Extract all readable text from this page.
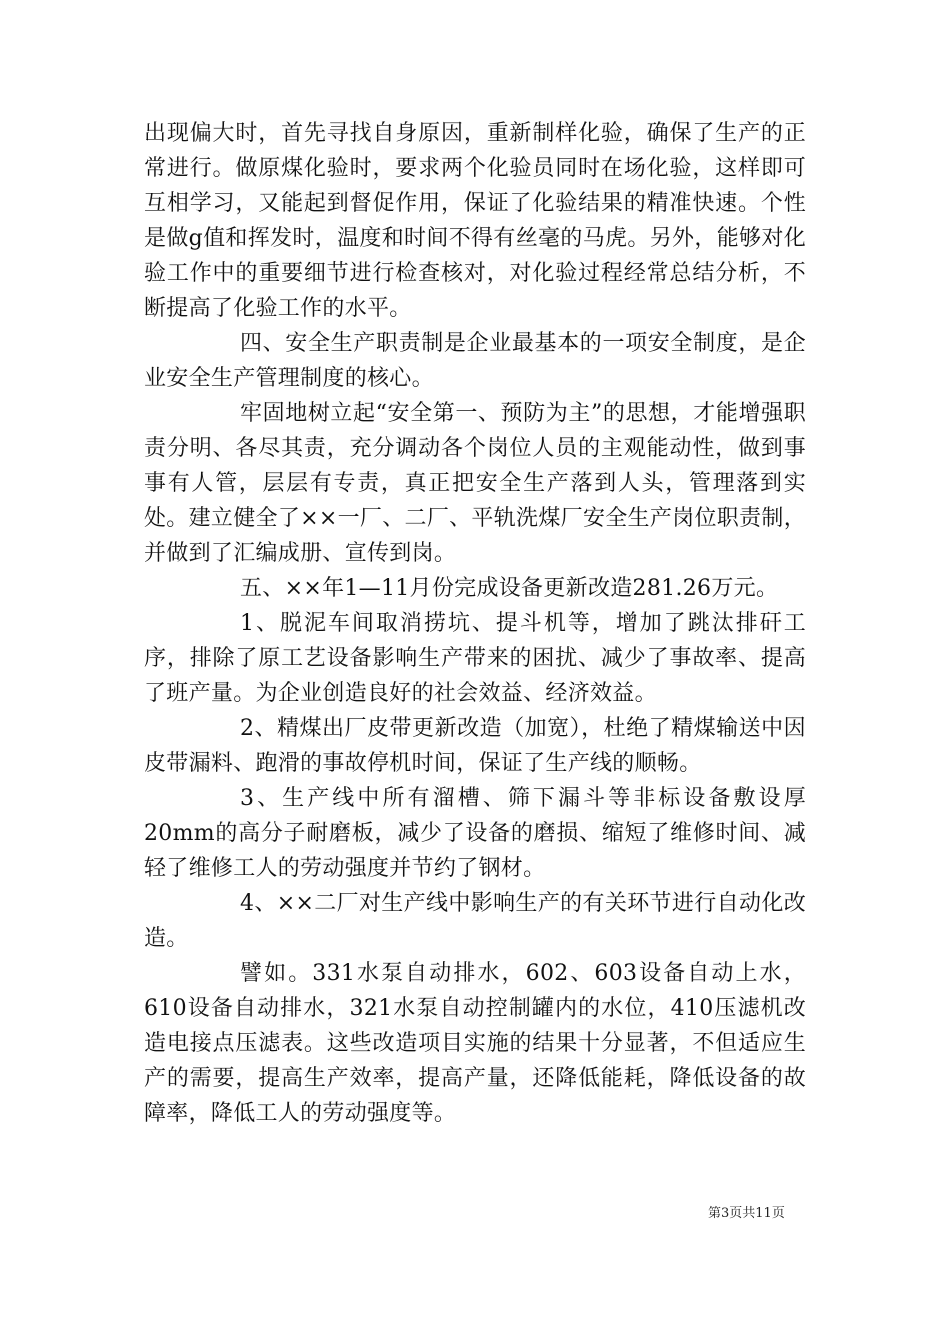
出现偏大时，首先寻找自身原因，重新制样化验，确保了生产的正常进行。做原煤化验时，要求两个化验员同时在场化验，这样即可互相学习，又能起到督促作用，保证了化验结果的精准快速。个性是做g值和挥发时，温度和时间不得有丝毫的马虎。另外，能够对化验工作中的重要细节进行检查核对，对化验过程经常总结分析，不断提高了化验工作的水平。

四、安全生产职责制是企业最基本的一项安全制度，是企业安全生产管理制度的核心。

牢固地树立起“安全第一、预防为主”的思想，才能增强职责分明、各尽其责，充分调动各个岗位人员的主观能动性，做到事事有人管，层层有专责，真正把安全生产落到人头，管理落到实处。建立健全了××一厂、二厂、平轨洗煤厂安全生产岗位职责制，并做到了汇编成册、宣传到岗。

五、××年1—11月份完成设备更新改造281.26万元。

1、脱泥车间取消捞坑、提斗机等，增加了跳汰排矸工序，排除了原工艺设备影响生产带来的困扰、减少了事故率、提高了班产量。为企业创造良好的社会效益、经济效益。

2、精煤出厂皮带更新改造（加宽），杜绝了精煤输送中因皮带漏料、跑滑的事故停机时间，保证了生产线的顺畅。

3、生产线中所有溜槽、筛下漏斗等非标设备敷设厚20mm的高分子耐磨板，减少了设备的磨损、缩短了维修时间、减轻了维修工人的劳动强度并节约了钢材。

4、××二厂对生产线中影响生产的有关环节进行自动化改造。

譬如。331水泵自动排水，602、603设备自动上水，610设备自动排水，321水泵自动控制罐内的水位，410压滤机改造电接点压滤表。这些改造项目实施的结果十分显著，不但适应生产的需要，提高生产效率，提高产量，还降低能耗，降低设备的故障率，降低工人的劳动强度等。

第3页共11页
